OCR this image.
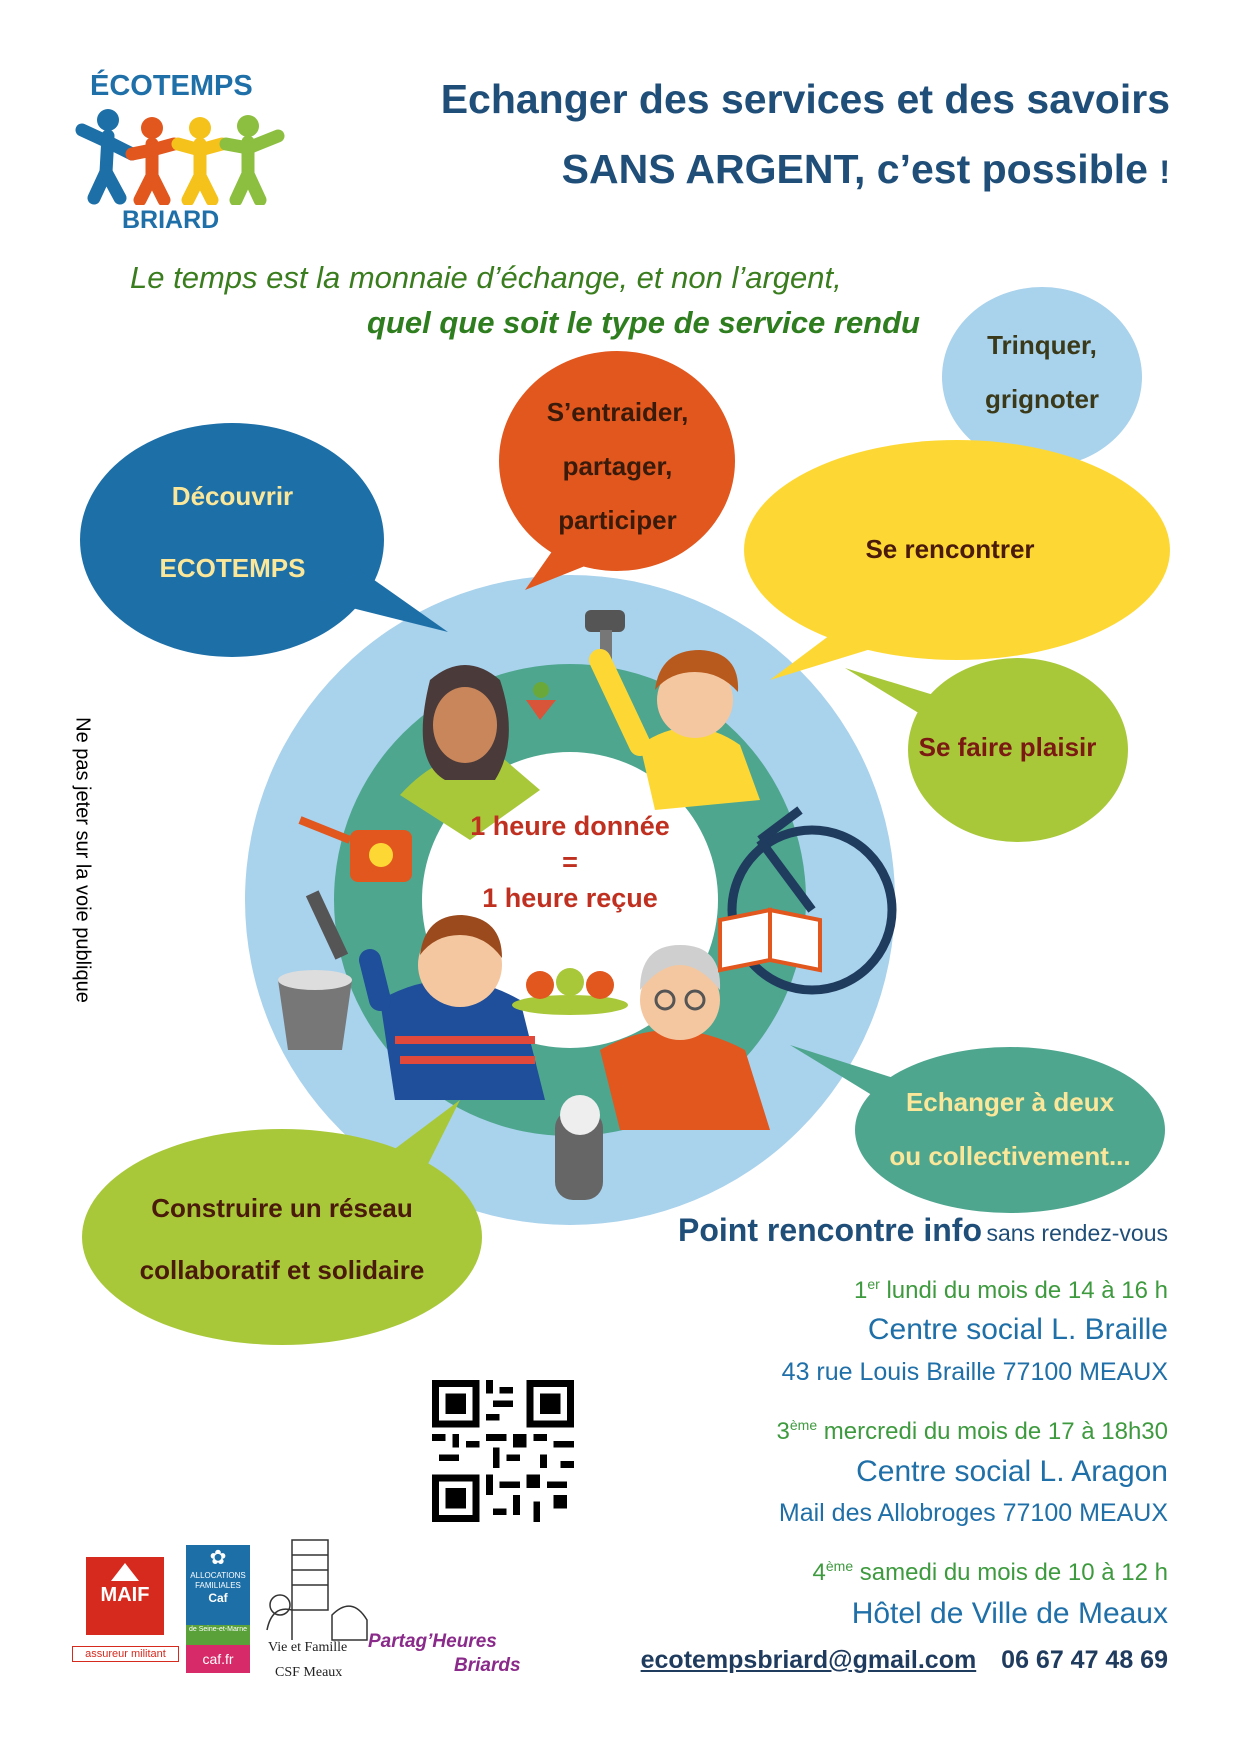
ÉCOTEMPS
BRIARD
Echanger des services et des savoirs
SANS ARGENT, c’est possible !
Le temps est la monnaie d’échange, et non l’argent,
quel que soit le type de service rendu
Découvrir
ECOTEMPS
S’entraider,
partager,
participer
Trinquer,
grignoter
Se rencontrer
Se faire plaisir
Echanger à deux
ou collectivement...
Construire un réseau
collaboratif et solidaire
1 heure donnée
=
1 heure reçue
Ne pas jeter sur la voie publique
Point rencontre info sans rendez-vous
1er lundi du mois de 14 à 16 h
Centre social L. Braille
43 rue Louis Braille 77100 MEAUX
3ème mercredi du mois de 17 à 18h30
Centre social L. Aragon
Mail des Allobroges 77100 MEAUX
4ème samedi du mois de 10 à 12 h
Hôtel de Ville de Meaux
ecotempsbriard@gmail.com 06 67 47 48 69
MAIF
assureur militant
✿
ALLOCATIONS FAMILIALES
Caf
de Seine-et-Marne
caf.fr
Vie et Famille
CSF Meaux
Partag’Heures
Briards
